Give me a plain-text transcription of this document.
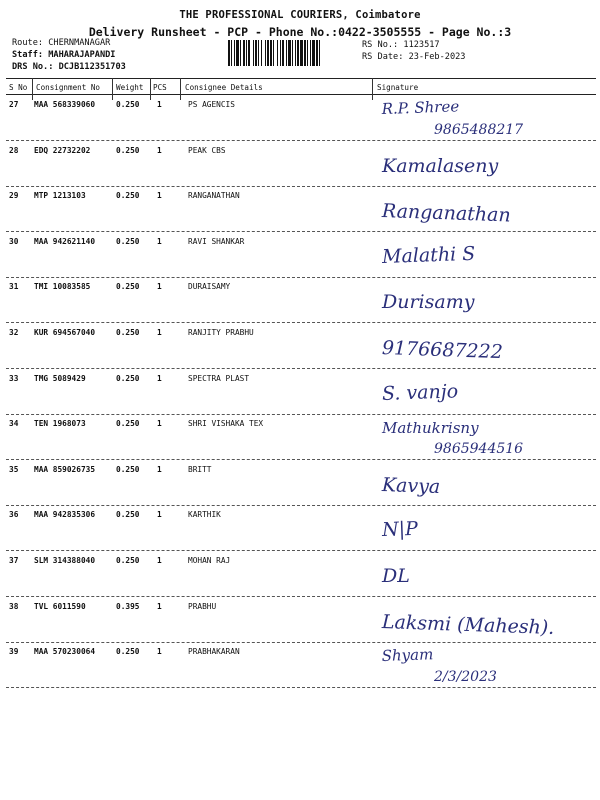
THE PROFESSIONAL COURIERS, Coimbatore
Delivery Runsheet - PCP - Phone No.:0422-3505555 - Page No.:3
Route: CHERNMANAGAR
Staff: MAHARAJAPANDI
DRS No.: DCJB112351703
RS No.: 1123517
RS Date: 23-Feb-2023
S No Consignment No Weight PCS Consignee Details	Signature
27 MAA 568339060	0.250 1	PS AGENCIS	R.P. Shree
9865488217
28 EDQ 22732202	0.250 1	PEAK CBS
Kamalaseny
29 MTP 1213103	0.250 1	RANGANATHAN
Ranganathan
30 MAA 942621140	0.250 1	RAVI SHANKAR
Malathi S
31 TMI 10083585	0.250 1	DURAISAMY
Durisamy
32 KUR 694567040	0.250 1	RANJITY PRABHU
9176687222
33 TMG 5089429	0.250 1	SPECTRA PLAST
S. vanjo
34 TEN 1968073	0.250 1	SHRI VISHAKA TEX	Mathukrisny
9865944516
35 MAA 859026735	0.250 1	BRITT
Kavya
36 MAA 942835306	0.250 1	KARTHIK
N|P
37 SLM 314388040	0.250 1	MOHAN RAJ
DL
38 TVL 6011590	0.395 1	PRABHU
Laksmi (Mahesh).
39 MAA 570230064	0.250 1	PRABHAKARAN	Shyam
2/3/2023
